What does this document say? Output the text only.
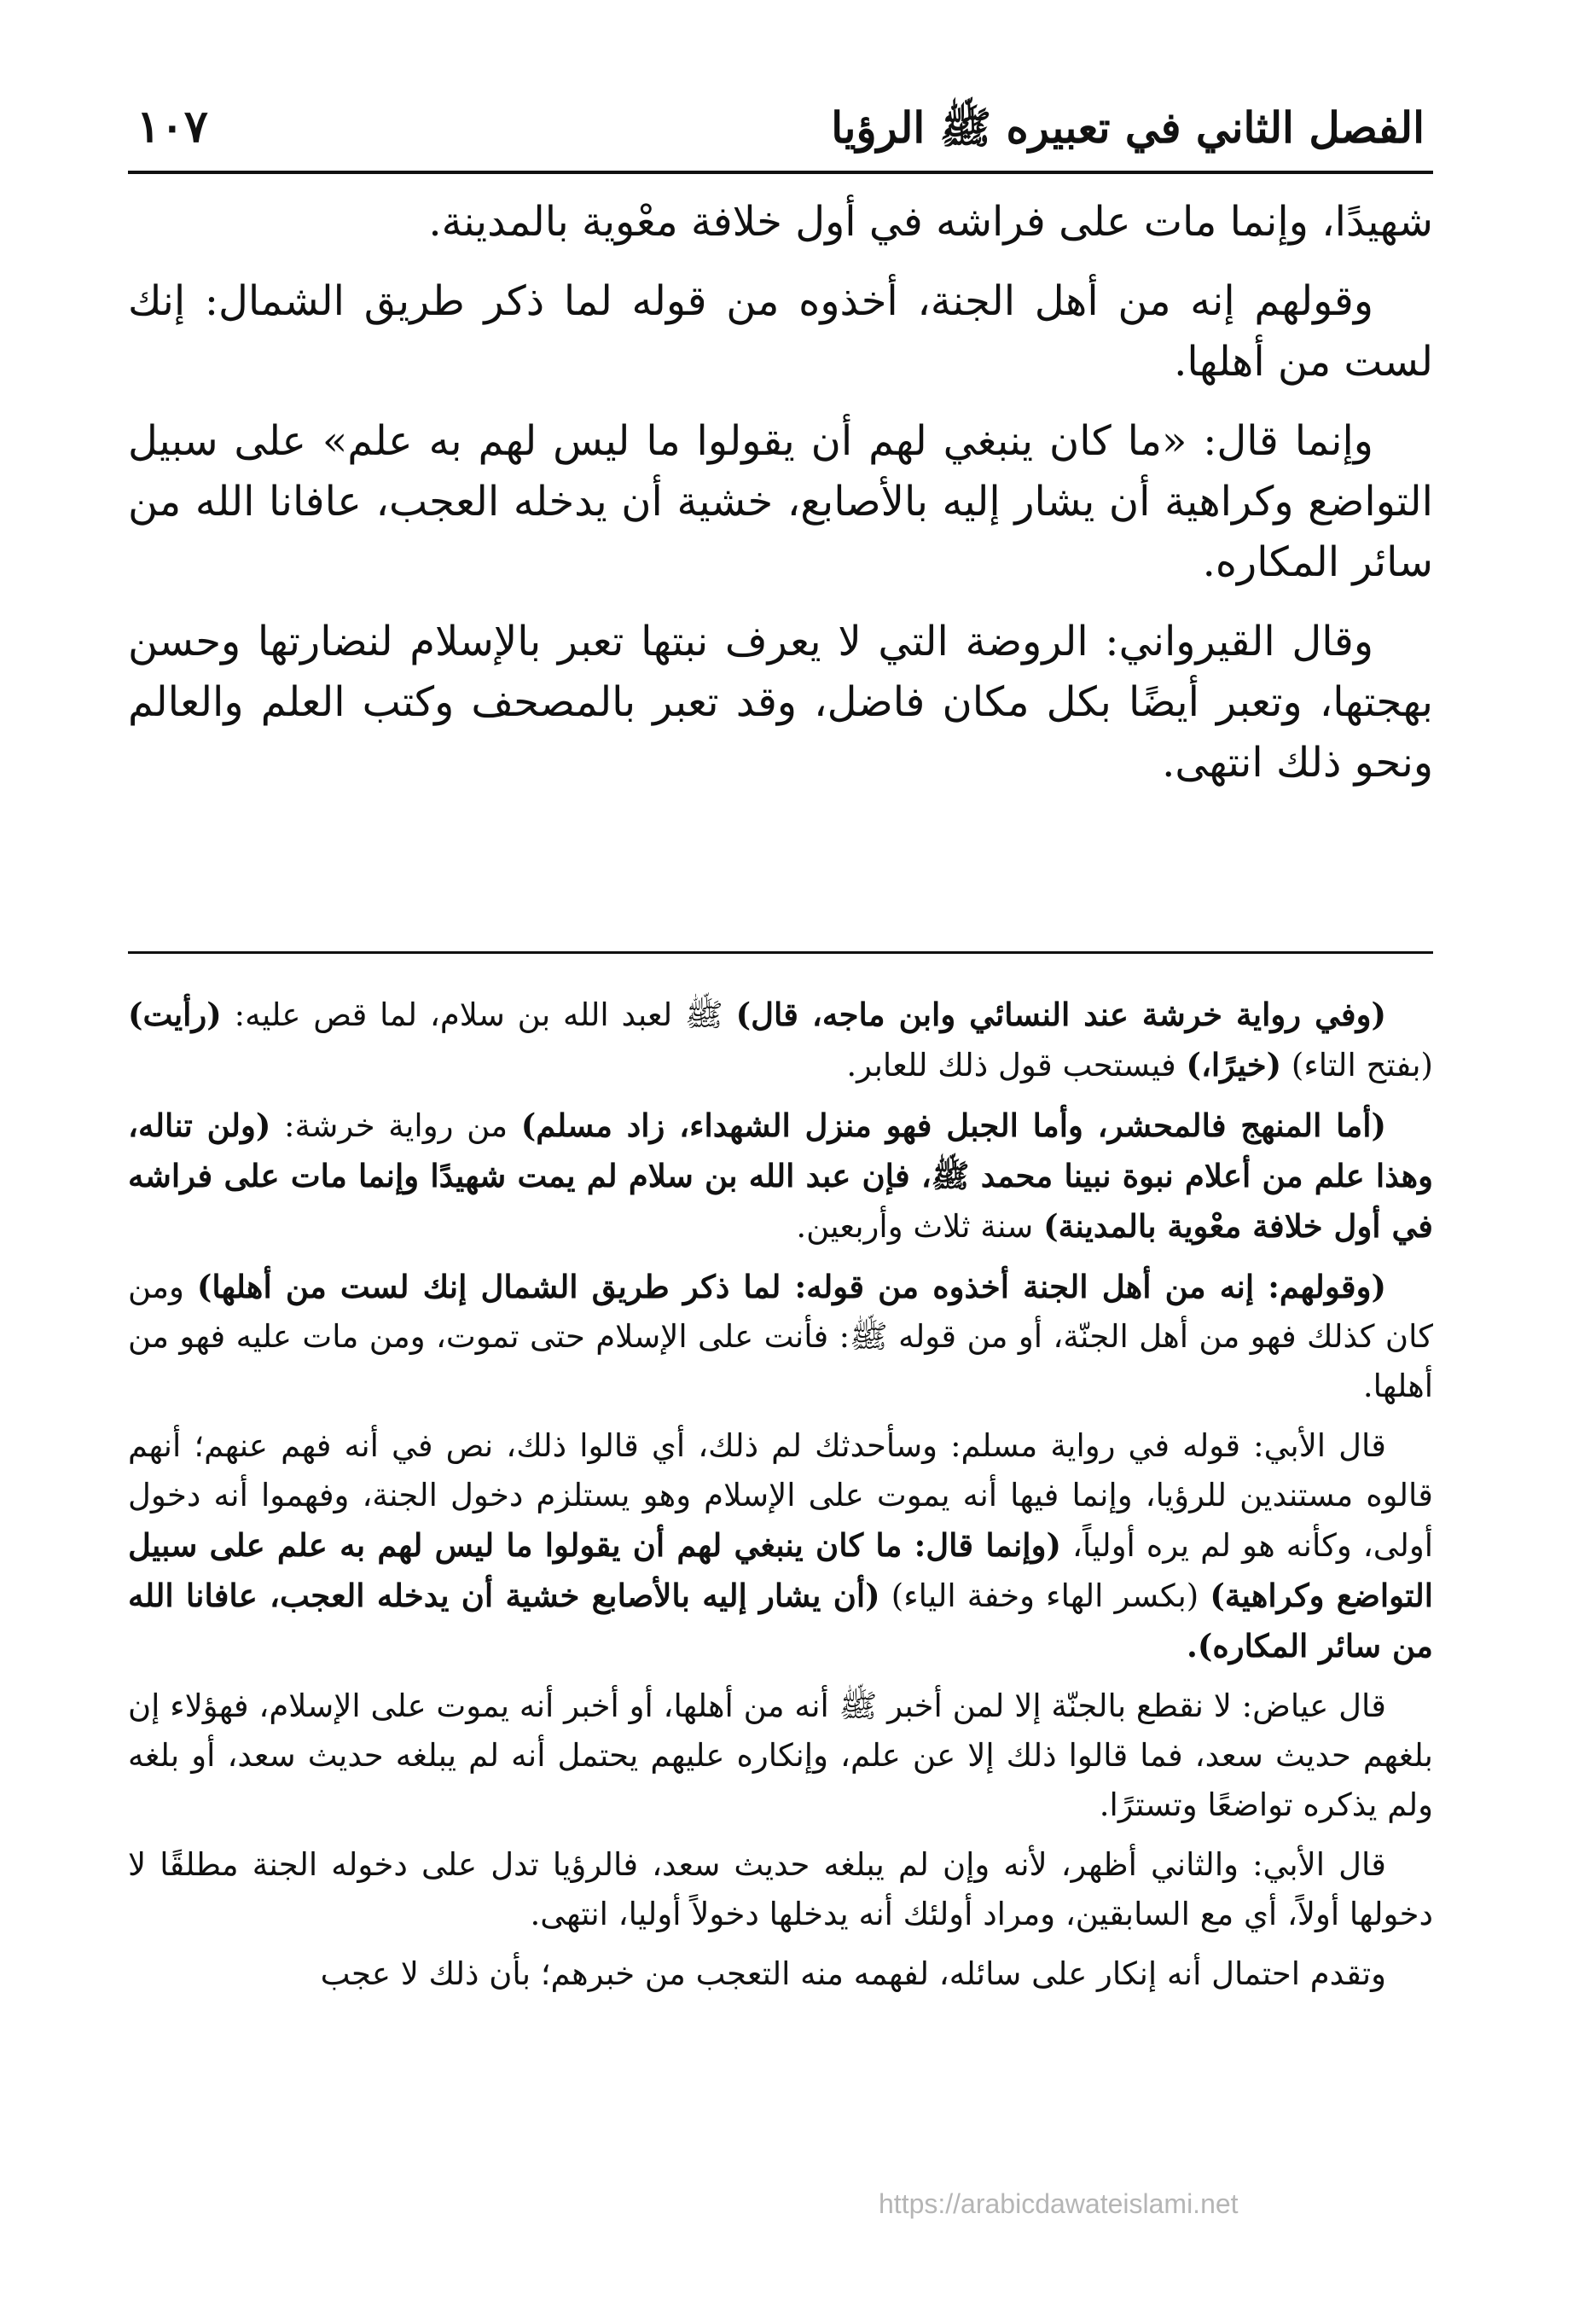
الفصل الثاني في تعبيره ﷺ الرؤيا
١٠٧

شهيدًا، وإنما مات على فراشه في أول خلافة معْوية بالمدينة.

وقولهم إنه من أهل الجنة، أخذوه من قوله لما ذكر طريق الشمال: إنك لست من أهلها.

وإنما قال: «ما كان ينبغي لهم أن يقولوا ما ليس لهم به علم» على سبيل التواضع وكراهية أن يشار إليه بالأصابع، خشية أن يدخله العجب، عافانا الله من سائر المكاره.

وقال القيرواني: الروضة التي لا يعرف نبتها تعبر بالإسلام لنضارتها وحسن بهجتها، وتعبر أيضًا بكل مكان فاضل، وقد تعبر بالمصحف وكتب العلم والعالم ونحو ذلك انتهى.

(وفي رواية خرشة عند النسائي وابن ماجه، قال) ﷺ لعبد الله بن سلام، لما قص عليه: (رأيت) (بفتح التاء) (خيرًا،) فيستحب قول ذلك للعابر.

(أما المنهج فالمحشر، وأما الجبل فهو منزل الشهداء، زاد مسلم) من رواية خرشة: (ولن تناله، وهذا علم من أعلام نبوة نبينا محمد ﷺ، فإن عبد الله بن سلام لم يمت شهيدًا وإنما مات على فراشه في أول خلافة معْوية بالمدينة) سنة ثلاث وأربعين.

(وقولهم: إنه من أهل الجنة أخذوه من قوله: لما ذكر طريق الشمال إنك لست من أهلها) ومن كان كذلك فهو من أهل الجنّة، أو من قوله ﷺ: فأنت على الإسلام حتى تموت، ومن مات عليه فهو من أهلها.

قال الأبي: قوله في رواية مسلم: وسأحدثك لم ذلك، أي قالوا ذلك، نص في أنه فهم عنهم؛ أنهم قالوه مستندين للرؤيا، وإنما فيها أنه يموت على الإسلام وهو يستلزم دخول الجنة، وفهموا أنه دخول أولى، وكأنه هو لم يره أولياً، (وإنما قال: ما كان ينبغي لهم أن يقولوا ما ليس لهم به علم على سبيل التواضع وكراهية) (بكسر الهاء وخفة الياء) (أن يشار إليه بالأصابع خشية أن يدخله العجب، عافانا الله من سائر المكاره).

قال عياض: لا نقطع بالجنّة إلا لمن أخبر ﷺ أنه من أهلها، أو أخبر أنه يموت على الإسلام، فهؤلاء إن بلغهم حديث سعد، فما قالوا ذلك إلا عن علم، وإنكاره عليهم يحتمل أنه لم يبلغه حديث سعد، أو بلغه ولم يذكره تواضعًا وتسترًا.

قال الأبي: والثاني أظهر، لأنه وإن لم يبلغه حديث سعد، فالرؤيا تدل على دخوله الجنة مطلقًا لا دخولها أولاً، أي مع السابقين، ومراد أولئك أنه يدخلها دخولاً أوليا، انتهى.

وتقدم احتمال أنه إنكار على سائله، لفهمه منه التعجب من خبرهم؛ بأن ذلك لا عجب

https://arabicdawateislami.net
